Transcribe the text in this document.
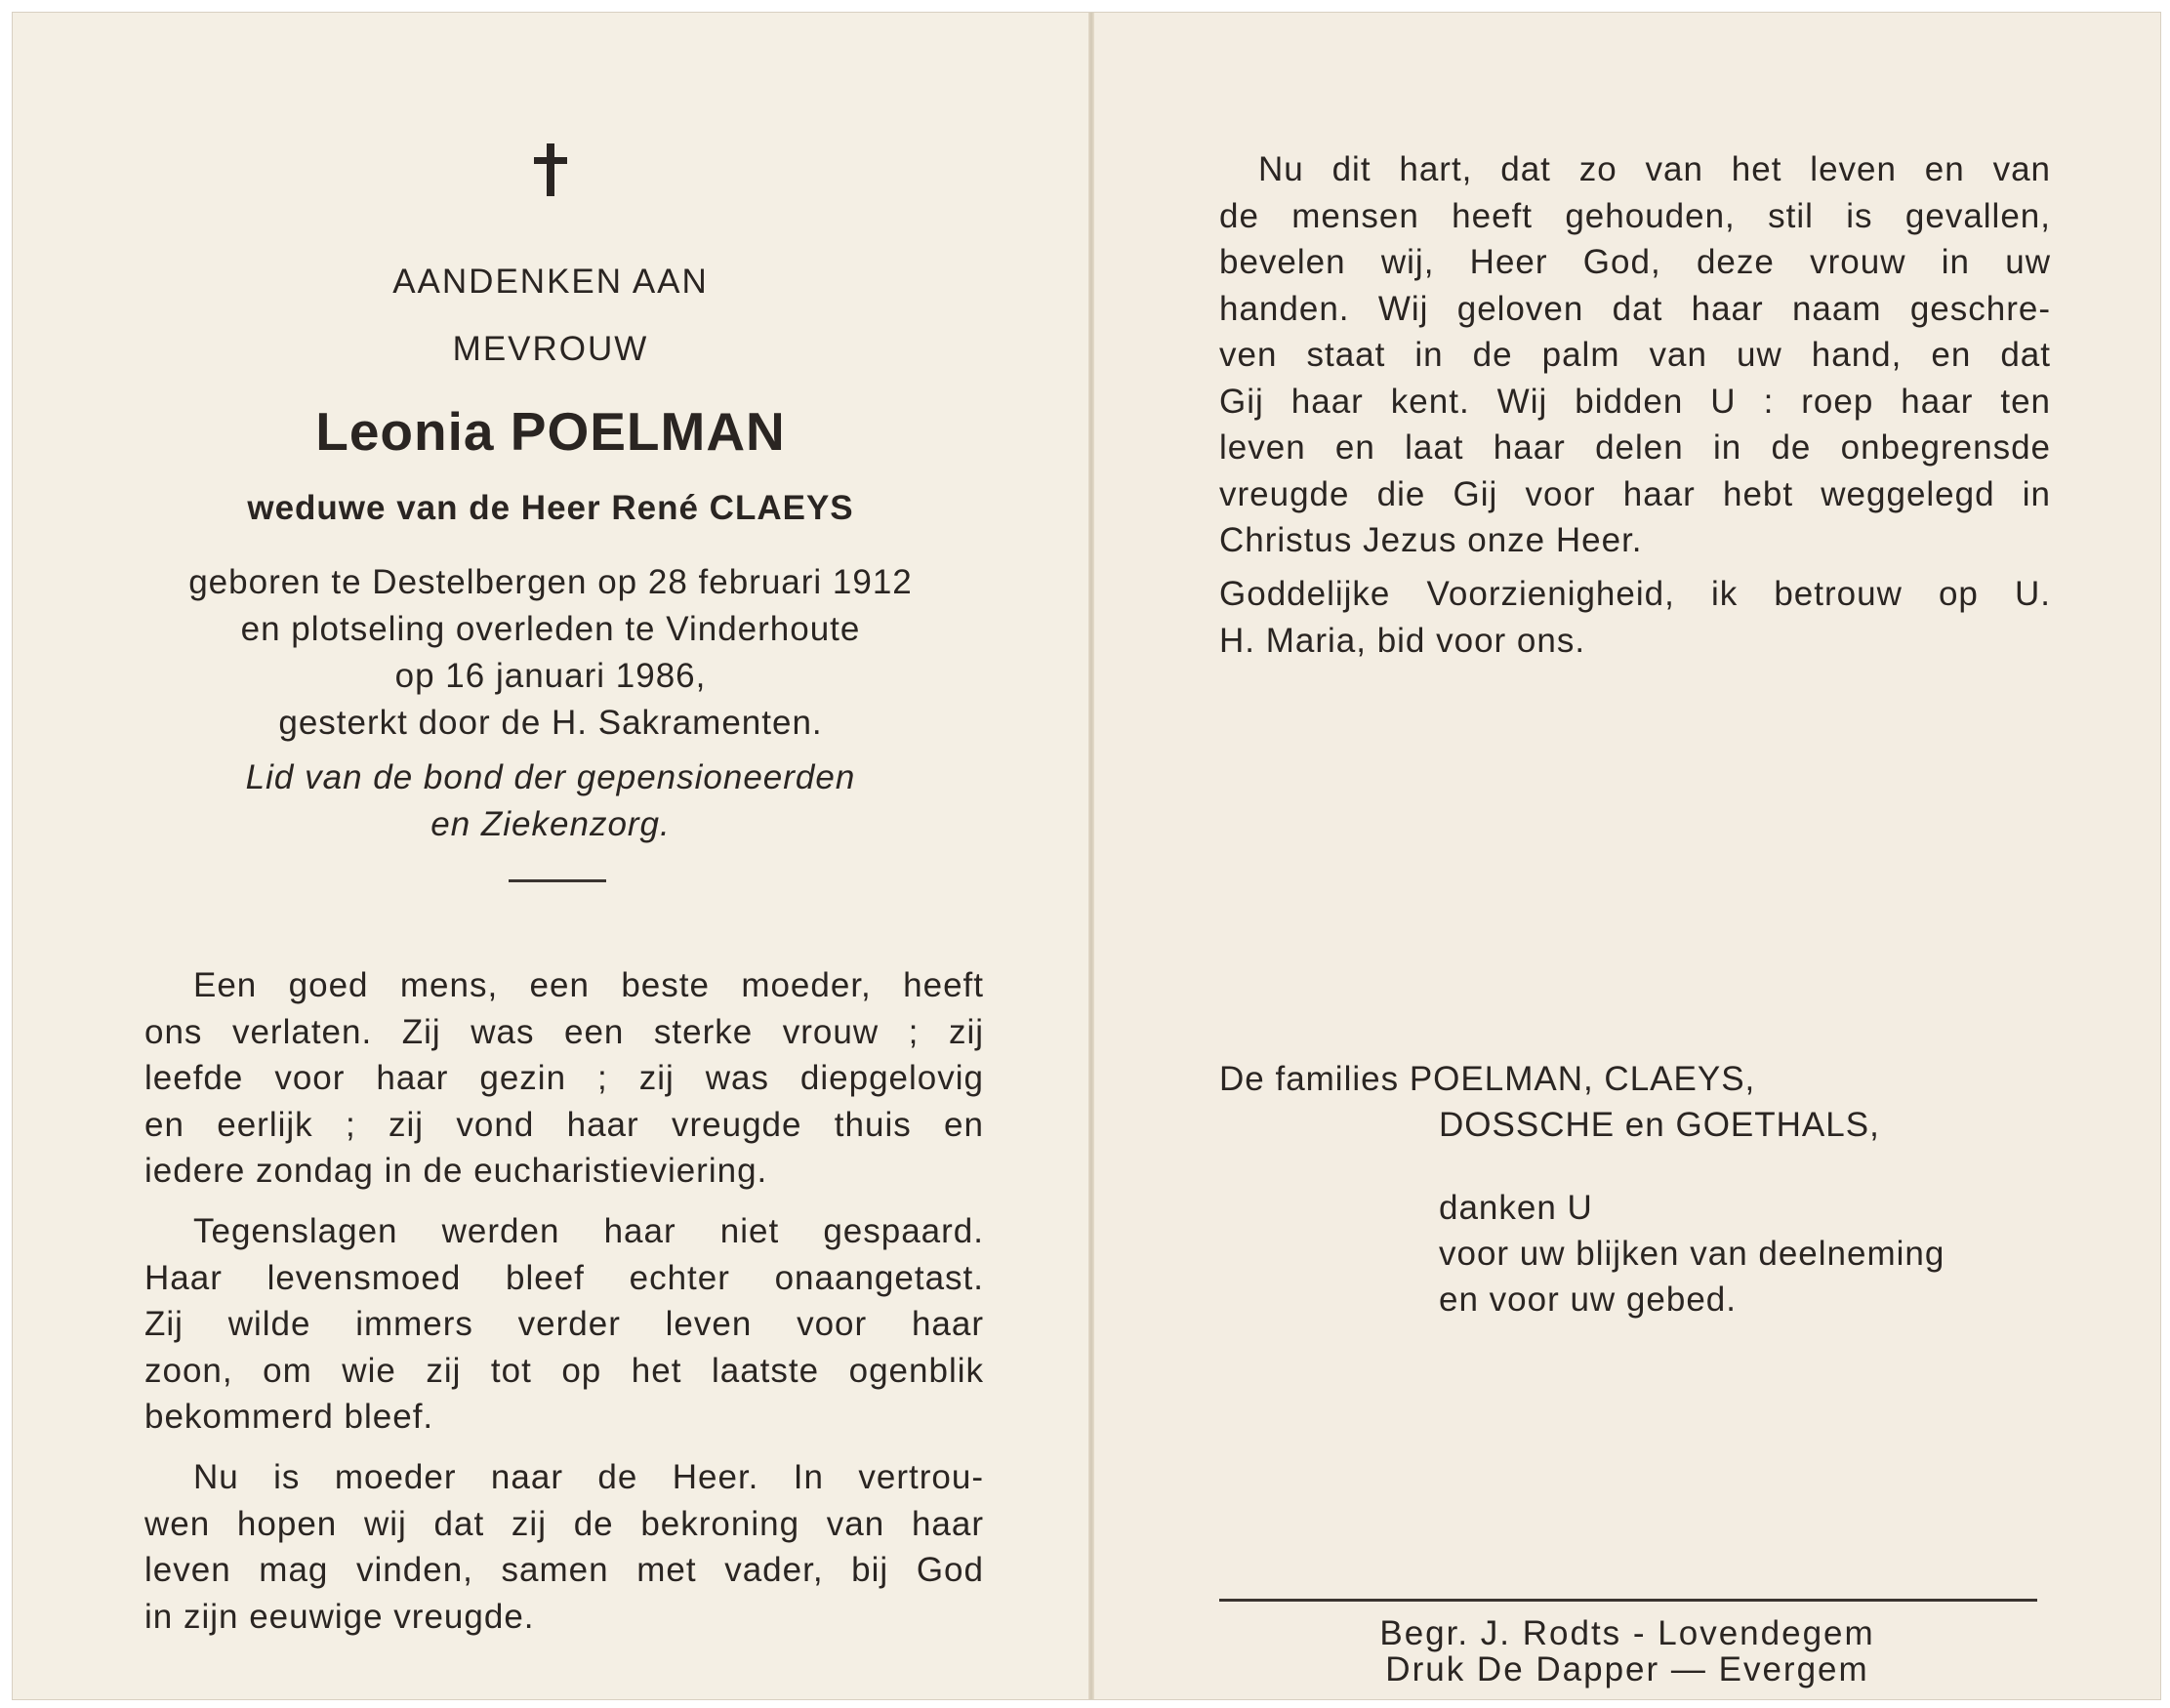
AANDENKEN AAN

MEVROUW

Leonia POELMAN

weduwe van de Heer René CLAEYS

geboren te Destelbergen op 28 februari 1912
en plotseling overleden te Vinderhoute
op 16 januari 1986,
gesterkt door de H. Sakramenten.
Lid van de bond der gepensioneerden
en Ziekenzorg.
Een goed mens, een beste moeder, heeft
ons verlaten. Zij was een sterke vrouw ; zij
leefde voor haar gezin ; zij was diepgelovig
en eerlijk ; zij vond haar vreugde thuis en
iedere zondag in de eucharistieviering.
Tegenslagen werden haar niet gespaard.
Haar levensmoed bleef echter onaangetast.
Zij wilde immers verder leven voor haar
zoon, om wie zij tot op het laatste ogenblik
bekommerd bleef.
Nu is moeder naar de Heer. In vertrou-
wen hopen wij dat zij de bekroning van haar
leven mag vinden, samen met vader, bij God
in zijn eeuwige vreugde.
Nu dit hart, dat zo van het leven en van
de mensen heeft gehouden, stil is gevallen,
bevelen wij, Heer God, deze vrouw in uw
handen. Wij geloven dat haar naam geschre-
ven staat in de palm van uw hand, en dat
Gij haar kent. Wij bidden U : roep haar ten
leven en laat haar delen in de onbegrensde
vreugde die Gij voor haar hebt weggelegd in
Christus Jezus onze Heer.
Goddelijke Voorzienigheid, ik betrouw op U.
H. Maria, bid voor ons.

De families POELMAN, CLAEYS,

DOSSCHE en GOETHALS,

danken U

voor uw blijken van deelneming

en voor uw gebed.

Begr. J. Rodts - Lovendegem

Druk De Dapper — Evergem
